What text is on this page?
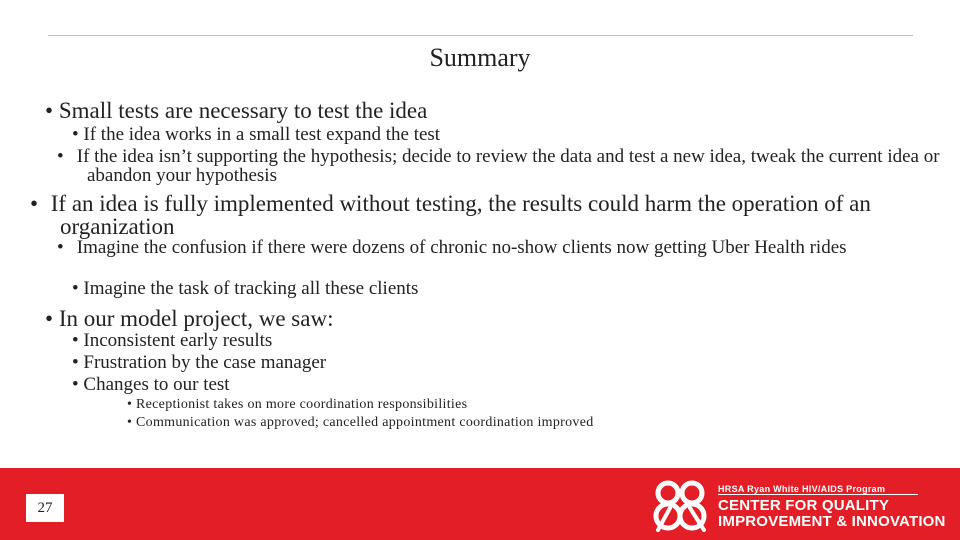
Summary
• Small tests are necessary to test the idea
• If the idea works in a small test expand the test
• If the idea isn’t supporting the hypothesis; decide to review the data and test a new idea, tweak the current idea or abandon your hypothesis
• If an idea is fully implemented without testing, the results could harm the operation of an organization
• Imagine the confusion if there were dozens of chronic no-show clients now getting Uber Health rides
• Imagine the task of tracking all these clients
• In our model project, we saw:
• Inconsistent early results
• Frustration by the case manager
• Changes to our test
• Receptionist takes on more coordination responsibilities
• Communication was approved; cancelled appointment coordination improved
27
HRSA Ryan White HIV/AIDS Program
CENTER FOR QUALITY
IMPROVEMENT & INNOVATION
